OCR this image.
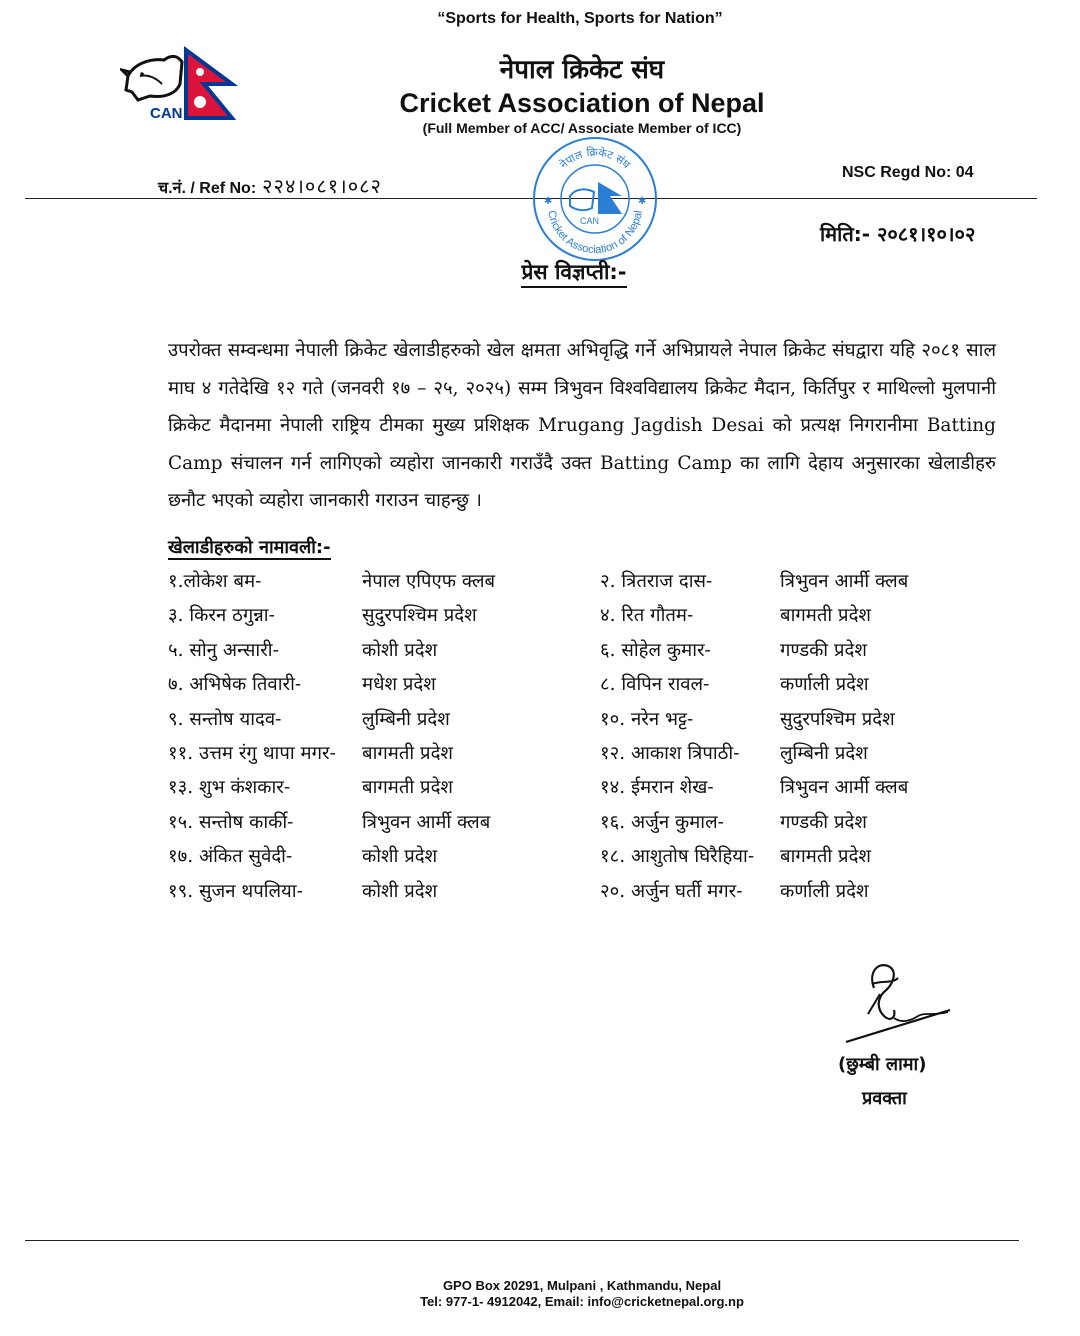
“Sports for Health, Sports for Nation”
CAN
नेपाल क्रिकेट संघ
Cricket Association of Nepal
(Full Member of ACC/ Associate Member of ICC)
च.नं. / Ref No: २२४।०८१।०८२
NSC Regd No: 04
नेपाल क्रिकेट संघ
Cricket Association of Nepal
CAN
✱	✱
मिति:- २०८१।१०।०२
प्रेस विज्ञप्ती:-
उपरोक्त सम्वन्धमा नेपाली क्रिकेट खेलाडीहरुको खेल क्षमता अभिवृद्धि गर्ने अभिप्रायले नेपाल क्रिकेट संघद्वारा यहि २०८१ साल माघ ४ गतेदेखि १२ गते (जनवरी १७ – २५, २०२५) सम्म त्रिभुवन विश्वविद्यालय क्रिकेट मैदान, किर्तिपुर र माथिल्लो मुलपानी क्रिकेट मैदानमा नेपाली राष्ट्रिय टीमका मुख्य प्रशिक्षक Mrugang Jagdish Desai को प्रत्यक्ष निगरानीमा Batting Camp संचालन गर्न लागिएको व्यहोरा जानकारी गराउँदै उक्त Batting Camp का लागि देहाय अनुसारका खेलाडीहरु छनौट भएको व्यहोरा जानकारी गराउन चाहन्छु ।
खेलाडीहरुको नामावली:-
१.लोकेश बम-	नेपाल एपिएफ क्लब	२. त्रितराज दास-	त्रिभुवन आर्मी क्लब
३. किरन ठगुन्ना-	सुदुरपश्चिम प्रदेश	४. रित गौतम-	बागमती प्रदेश
५. सोनु अन्सारी-	कोशी प्रदेश	६. सोहेल कुमार-	गण्डकी प्रदेश
७. अभिषेक तिवारी-	मधेश प्रदेश	८. विपिन रावल-	कर्णाली प्रदेश
९. सन्तोष यादव-	लुम्बिनी प्रदेश	१०. नरेन भट्ट-	सुदुरपश्चिम प्रदेश
११. उत्तम रंगु थापा मगर- बागमती प्रदेश	१२. आकाश त्रिपाठी- लुम्बिनी प्रदेश
१३. शुभ कंशकार-	बागमती प्रदेश	१४. ईमरान शेख-	त्रिभुवन आर्मी क्लब
१५. सन्तोष कार्की-	त्रिभुवन आर्मी क्लब	१६. अर्जुन कुमाल-	गण्डकी प्रदेश
१७. अंकित सुवेदी-	कोशी प्रदेश	१८. आशुतोष घिरैहिया- बागमती प्रदेश
१९. सुजन थपलिया-	कोशी प्रदेश	२०. अर्जुन घर्ती मगर- कर्णाली प्रदेश
(छुम्बी लामा)
प्रवक्ता
GPO Box 20291, Mulpani , Kathmandu, Nepal
Tel: 977-1- 4912042, Email: info@cricketnepal.org.np
